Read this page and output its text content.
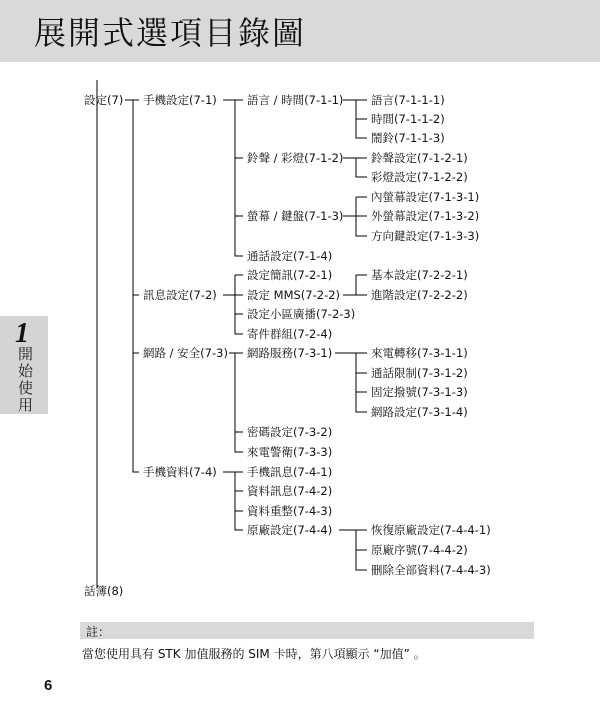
展開式選項目錄圖
1
開始使用
設定(7)
話簿(8)
手機設定(7-1)
訊息設定(7-2)
網路 / 安全(7-3)
手機資料(7-4)
語言 / 時間(7-1-1)
鈴聲 / 彩燈(7-1-2)
螢幕 / 鍵盤(7-1-3)
通話設定(7-1-4)
設定簡訊(7-2-1)
設定 MMS(7-2-2)
設定小區廣播(7-2-3)
寄件群組(7-2-4)
網路服務(7-3-1)
密碼設定(7-3-2)
來電警衛(7-3-3)
手機訊息(7-4-1)
資料訊息(7-4-2)
資料重整(7-4-3)
原廠設定(7-4-4)
語言(7-1-1-1)
時間(7-1-1-2)
鬧鈴(7-1-1-3)
鈴聲設定(7-1-2-1)
彩燈設定(7-1-2-2)
內螢幕設定(7-1-3-1)
外螢幕設定(7-1-3-2)
方向鍵設定(7-1-3-3)
基本設定(7-2-2-1)
進階設定(7-2-2-2)
來電轉移(7-3-1-1)
通話限制(7-3-1-2)
固定撥號(7-3-1-3)
網路設定(7-3-1-4)
恢復原廠設定(7-4-4-1)
原廠序號(7-4-4-2)
刪除全部資料(7-4-4-3)
註：
當您使用具有 STK 加值服務的 SIM 卡時，第八項顯示 “加值” 。
6
